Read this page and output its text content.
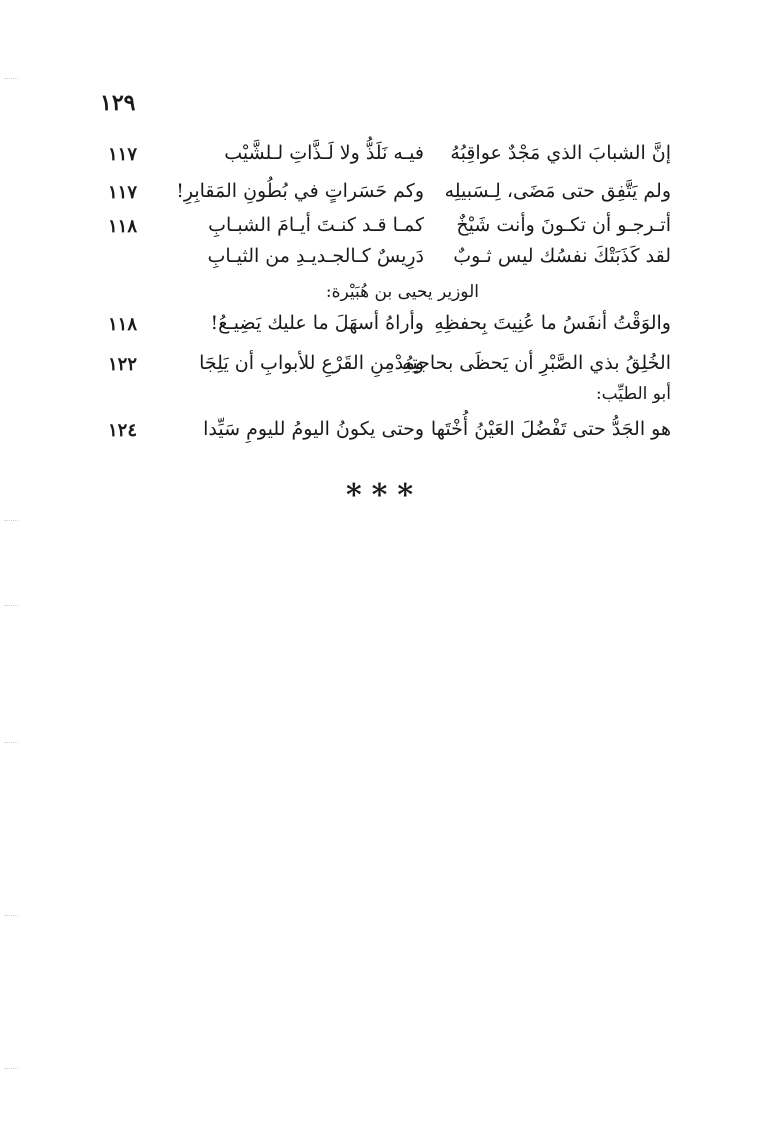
١٢٩
إنَّ الشبابَ الذي مَجْدٌ عواقِبُهُ
فيـه نَلَذُّ ولا لَـذَّاتِ لـلشَّيْب
١١٧
ولم يَتَّفِق حتى مَضَى، لِـسَبيلِه
وكم حَسَراتٍ في بُطُونِ المَقابِرِ!
١١٧
أتـرجـو أن تكـونَ وأنت شَيْخٌ
كمـا قـد كنـتَ أيـامَ الشبـابِ
١١٨
لقد كَذَبَتْكَ نفسُك ليس ثـوبٌ
دَرِيسٌ كـالجـديـدِ من الثيـابِ
الوزير يحيى بن هُبَيْرة:
والوَقْتُ أنفَسُ ما عُنِيتَ بِحفظِهِ
وأراهُ أسهَلَ ما عليك يَضِيـعُ!
١١٨
الخُلِقُ بذي الصَّبْرِ أن يَحظَى بحاجتِهِ
ومُدْمِنِ القَرْعِ للأبوابِ أن يَلِجَا
١٢٢
أبو الطيِّب:
هو الجَدُّ حتى تَفْضُلَ العَيْنُ أُخْتَها
وحتى يكونُ اليومُ لليومِ سَيِّدا
١٢٤
***
